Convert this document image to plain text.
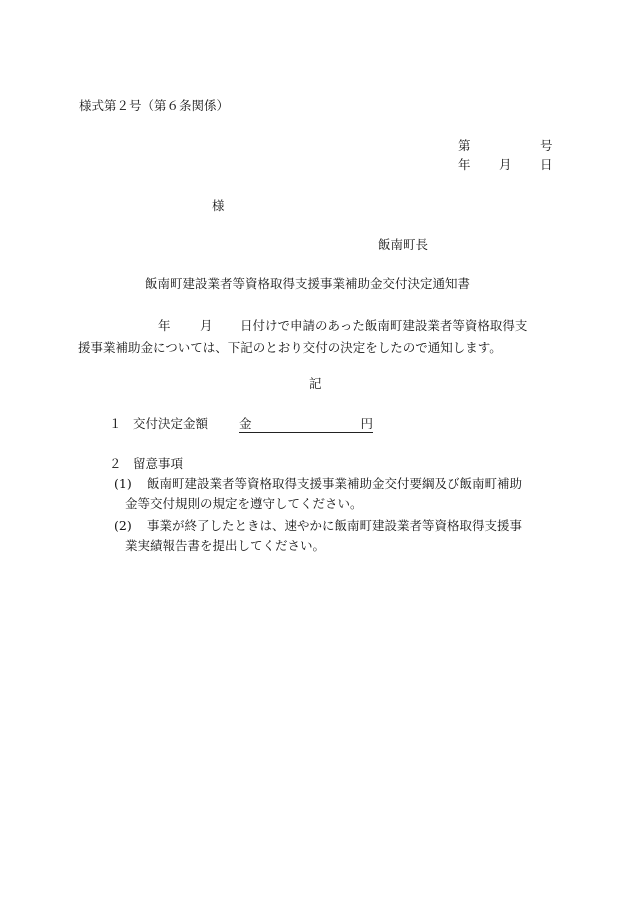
様式第２号（第６条関係）
第	号
年 月 日
様
飯南町長
飯南町建設業者等資格取得支援事業補助金交付決定通知書
年 月 日付けで申請のあった飯南町建設業者等資格取得支
援事業補助金については、下記のとおり交付の決定をしたので通知します。
記
１ 交付決定金額 金	円
２ 留意事項
(1) 飯南町建設業者等資格取得支援事業補助金交付要綱及び飯南町補助
金等交付規則の規定を遵守してください。
(2) 事業が終了したときは、速やかに飯南町建設業者等資格取得支援事
業実績報告書を提出してください。
